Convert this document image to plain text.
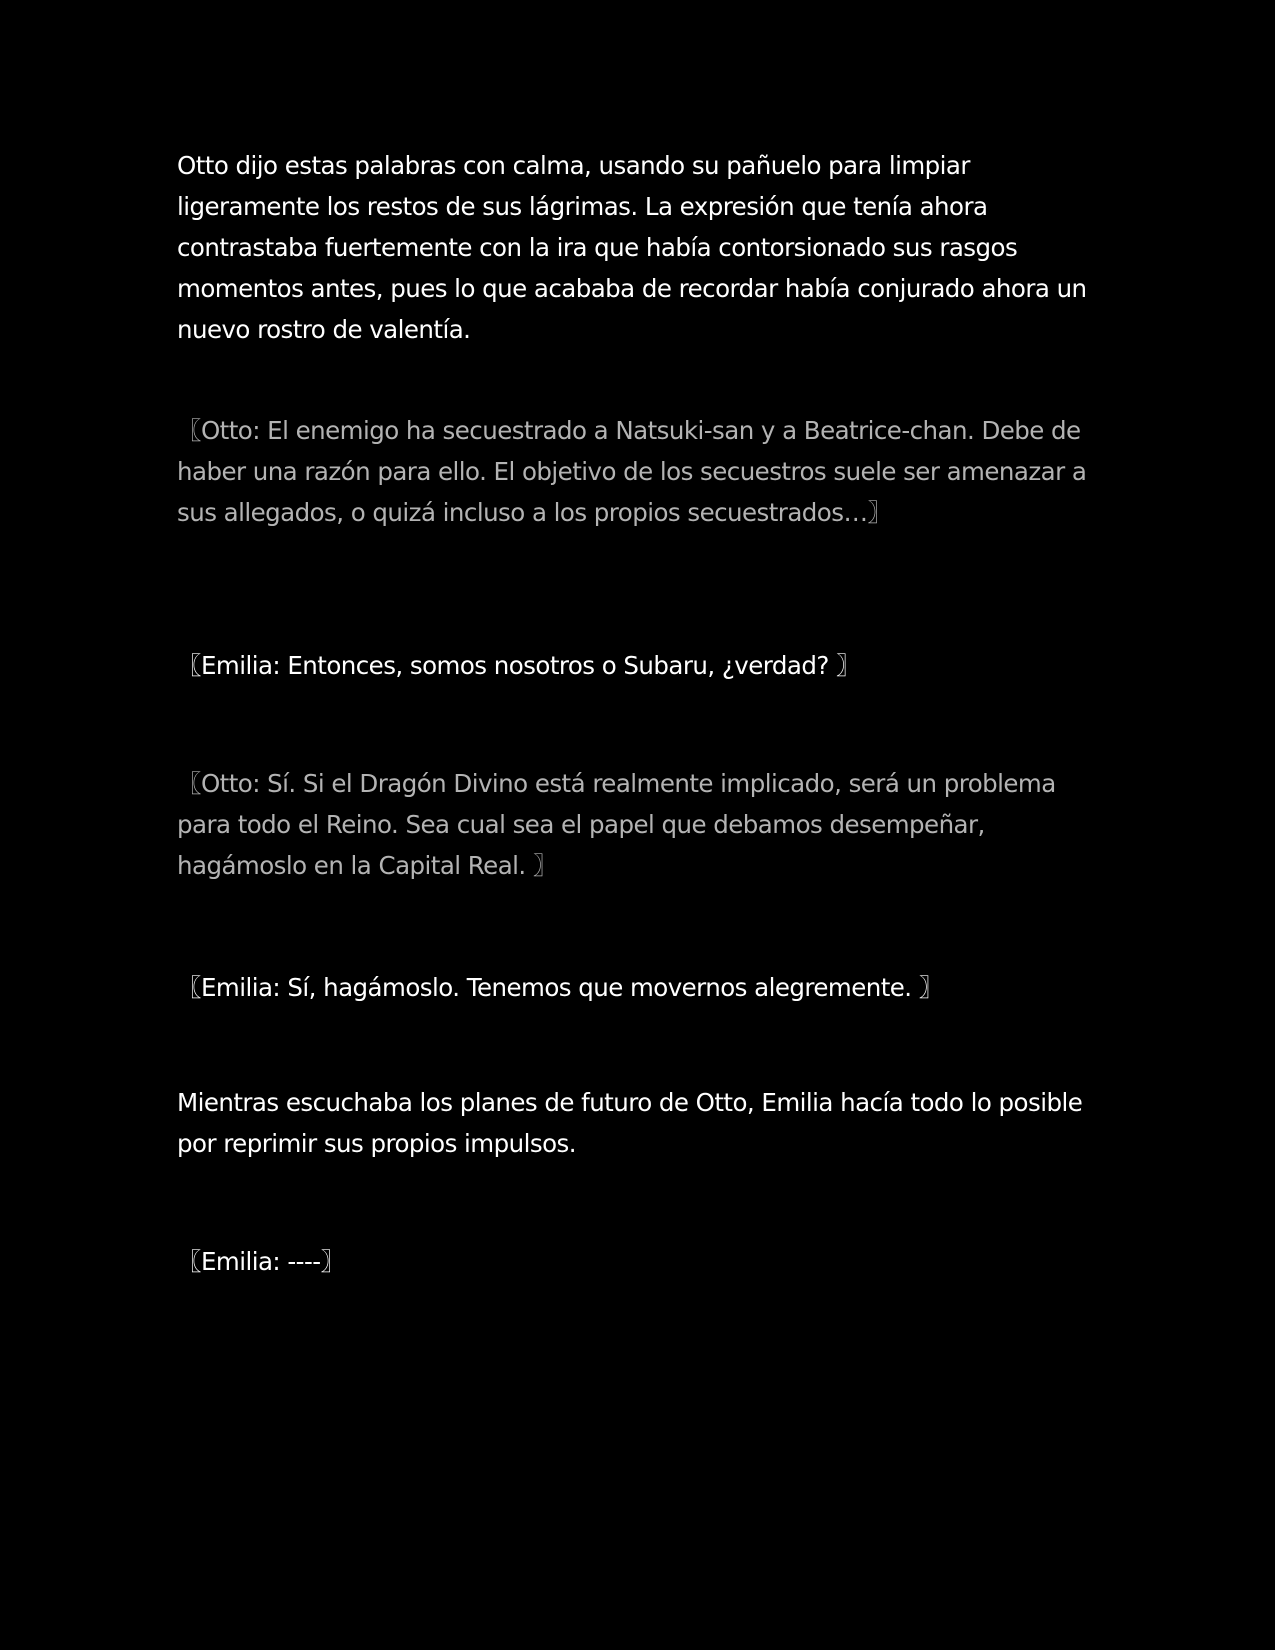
Otto dijo estas palabras con calma, usando su pañuelo para limpiar ligeramente los restos de sus lágrimas. La expresión que tenía ahora contrastaba fuertemente con la ira que había contorsionado sus rasgos momentos antes, pues lo que acababa de recordar había conjurado ahora un nuevo rostro de valentía.

〖Otto: El enemigo ha secuestrado a Natsuki-san y a Beatrice-chan. Debe de haber una razón para ello. El objetivo de los secuestros suele ser amenazar a sus allegados, o quizá incluso a los propios secuestrados…〗

〖Emilia: Entonces, somos nosotros o Subaru, ¿verdad? 〗

〖Otto: Sí. Si el Dragón Divino está realmente implicado, será un problema para todo el Reino. Sea cual sea el papel que debamos desempeñar, hagámoslo en la Capital Real. 〗

〖Emilia: Sí, hagámoslo. Tenemos que movernos alegremente. 〗

Mientras escuchaba los planes de futuro de Otto, Emilia hacía todo lo posible por reprimir sus propios impulsos.

〖Emilia: ----〗
